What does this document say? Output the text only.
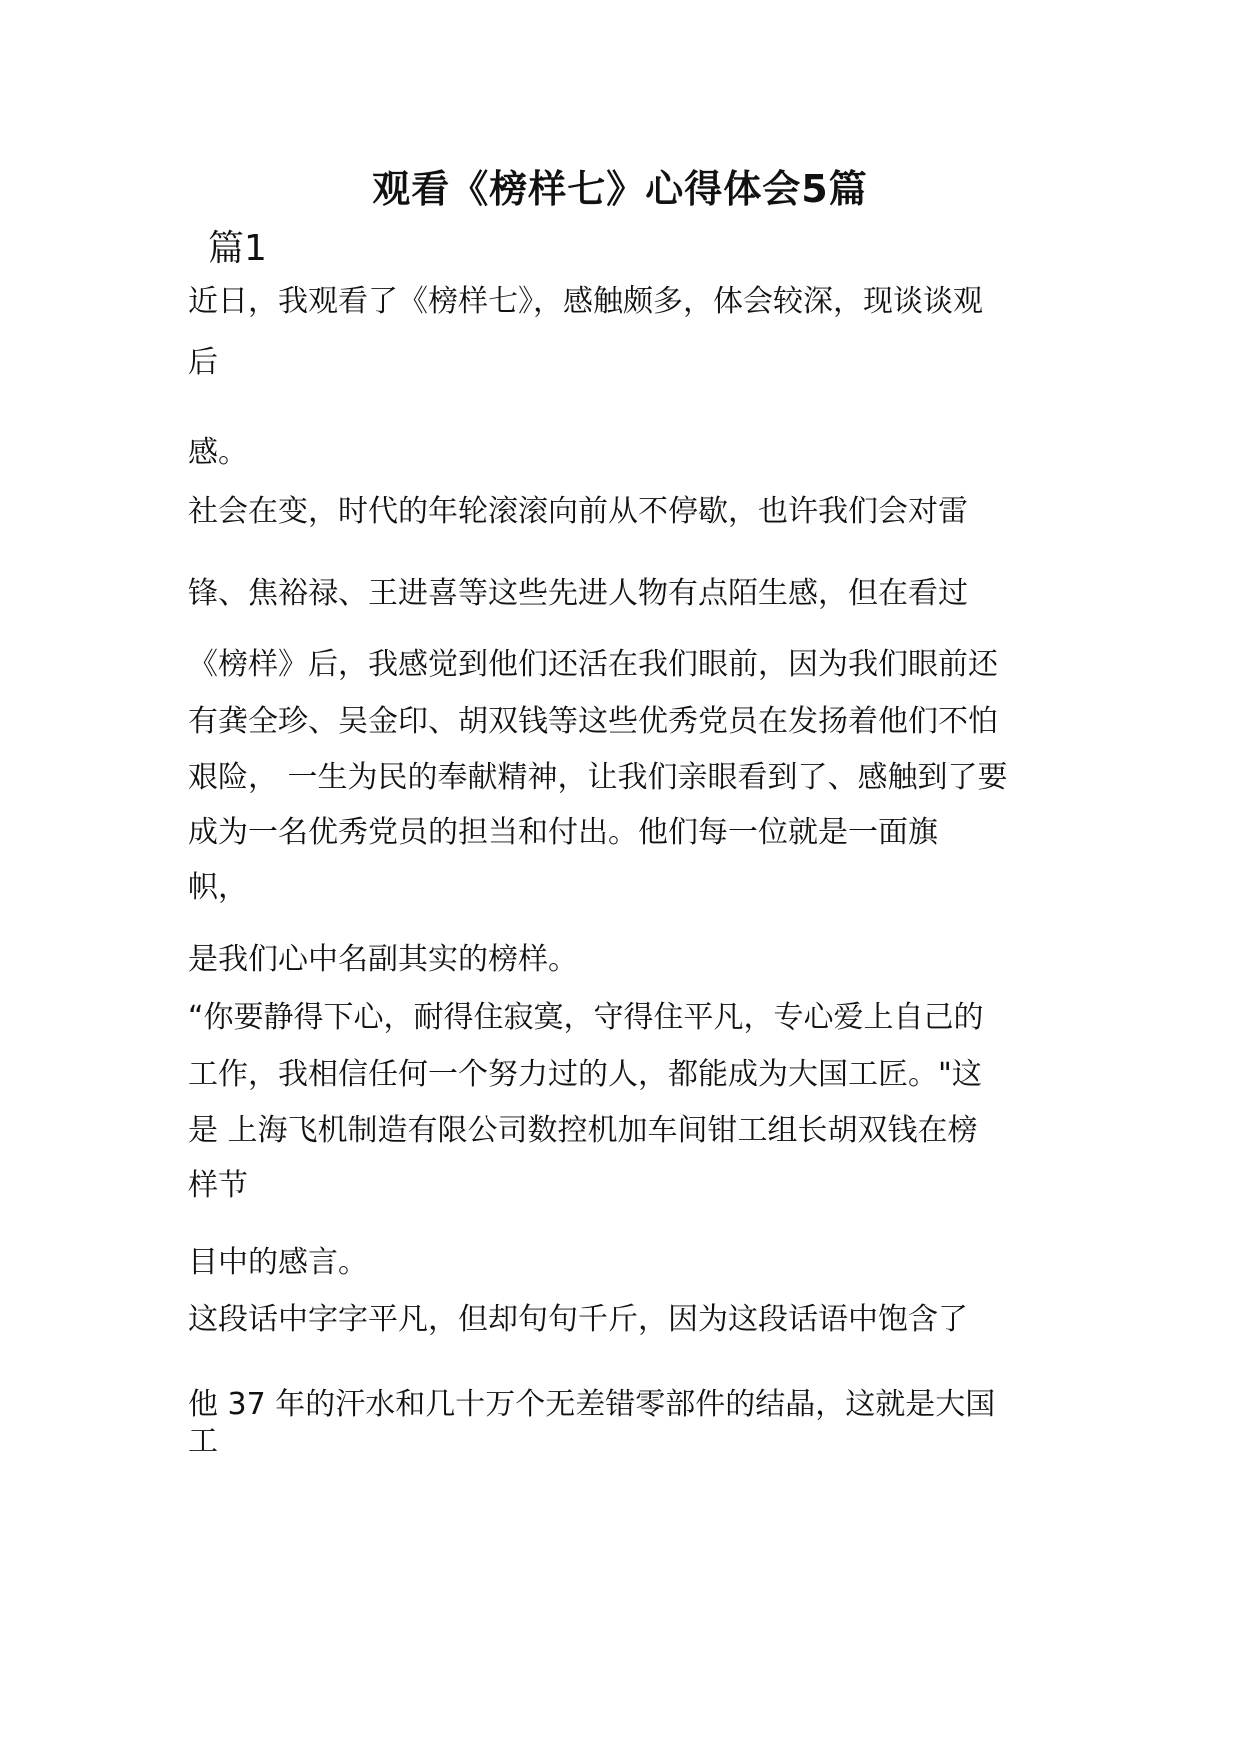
观看《榜样七》心得体会5篇
篇1
近日，我观看了《榜样七》，感触颇多，体会较深，现谈谈观
后
感。
社会在变，时代的年轮滚滚向前从不停歇，也许我们会对雷
锋、焦裕禄、王进喜等这些先进人物有点陌生感，但在看过
《榜样》后，我感觉到他们还活在我们眼前，因为我们眼前还
有龚全珍、吴金印、胡双钱等这些优秀党员在发扬着他们不怕
艰险， 一生为民的奉献精神，让我们亲眼看到了、感触到了要
成为一名优秀党员的担当和付出。他们每一位就是一面旗
帜，
是我们心中名副其实的榜样。
“你要静得下心，耐得住寂寞，守得住平凡，专心爱上自己的
工作，我相信任何一个努力过的人，都能成为大国工匠。"这
是 上海飞机制造有限公司数控机加车间钳工组长胡双钱在榜
样节
目中的感言。
这段话中字字平凡，但却句句千斤，因为这段话语中饱含了
他 37 年的汗水和几十万个无差错零部件的结晶，这就是大国
工
